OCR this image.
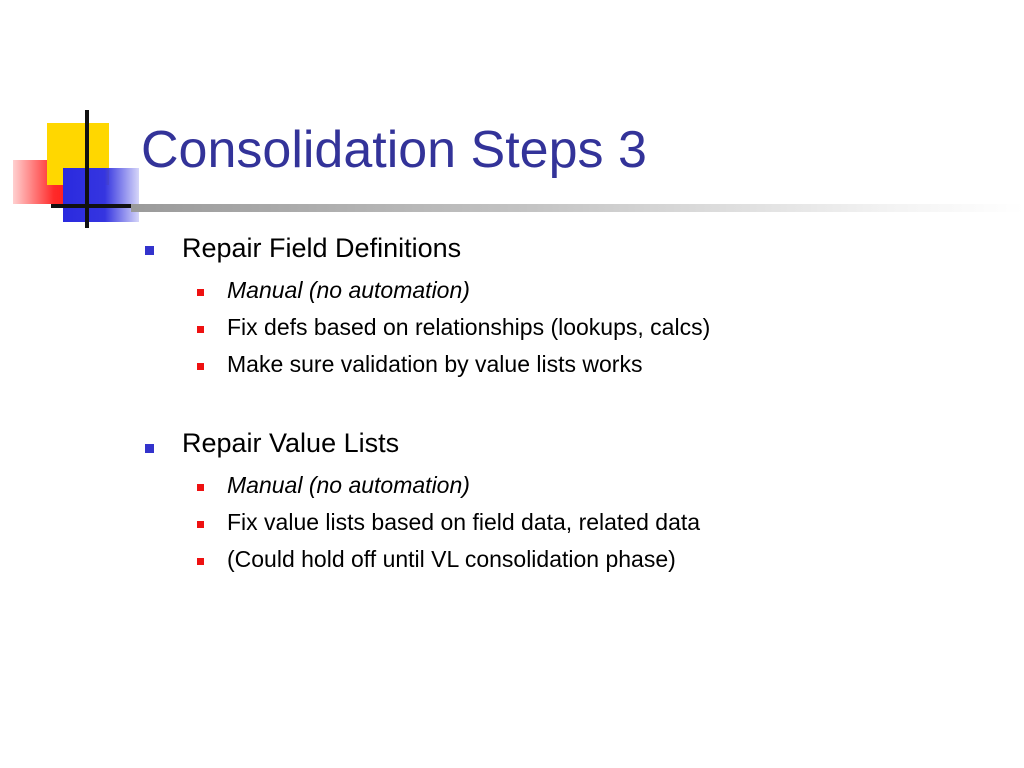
Consolidation Steps 3
Repair Field Definitions
Manual (no automation)
Fix defs based on relationships (lookups, calcs)
Make sure validation by value lists works
Repair Value Lists
Manual (no automation)
Fix value lists based on field data, related data
(Could hold off until VL consolidation phase)
